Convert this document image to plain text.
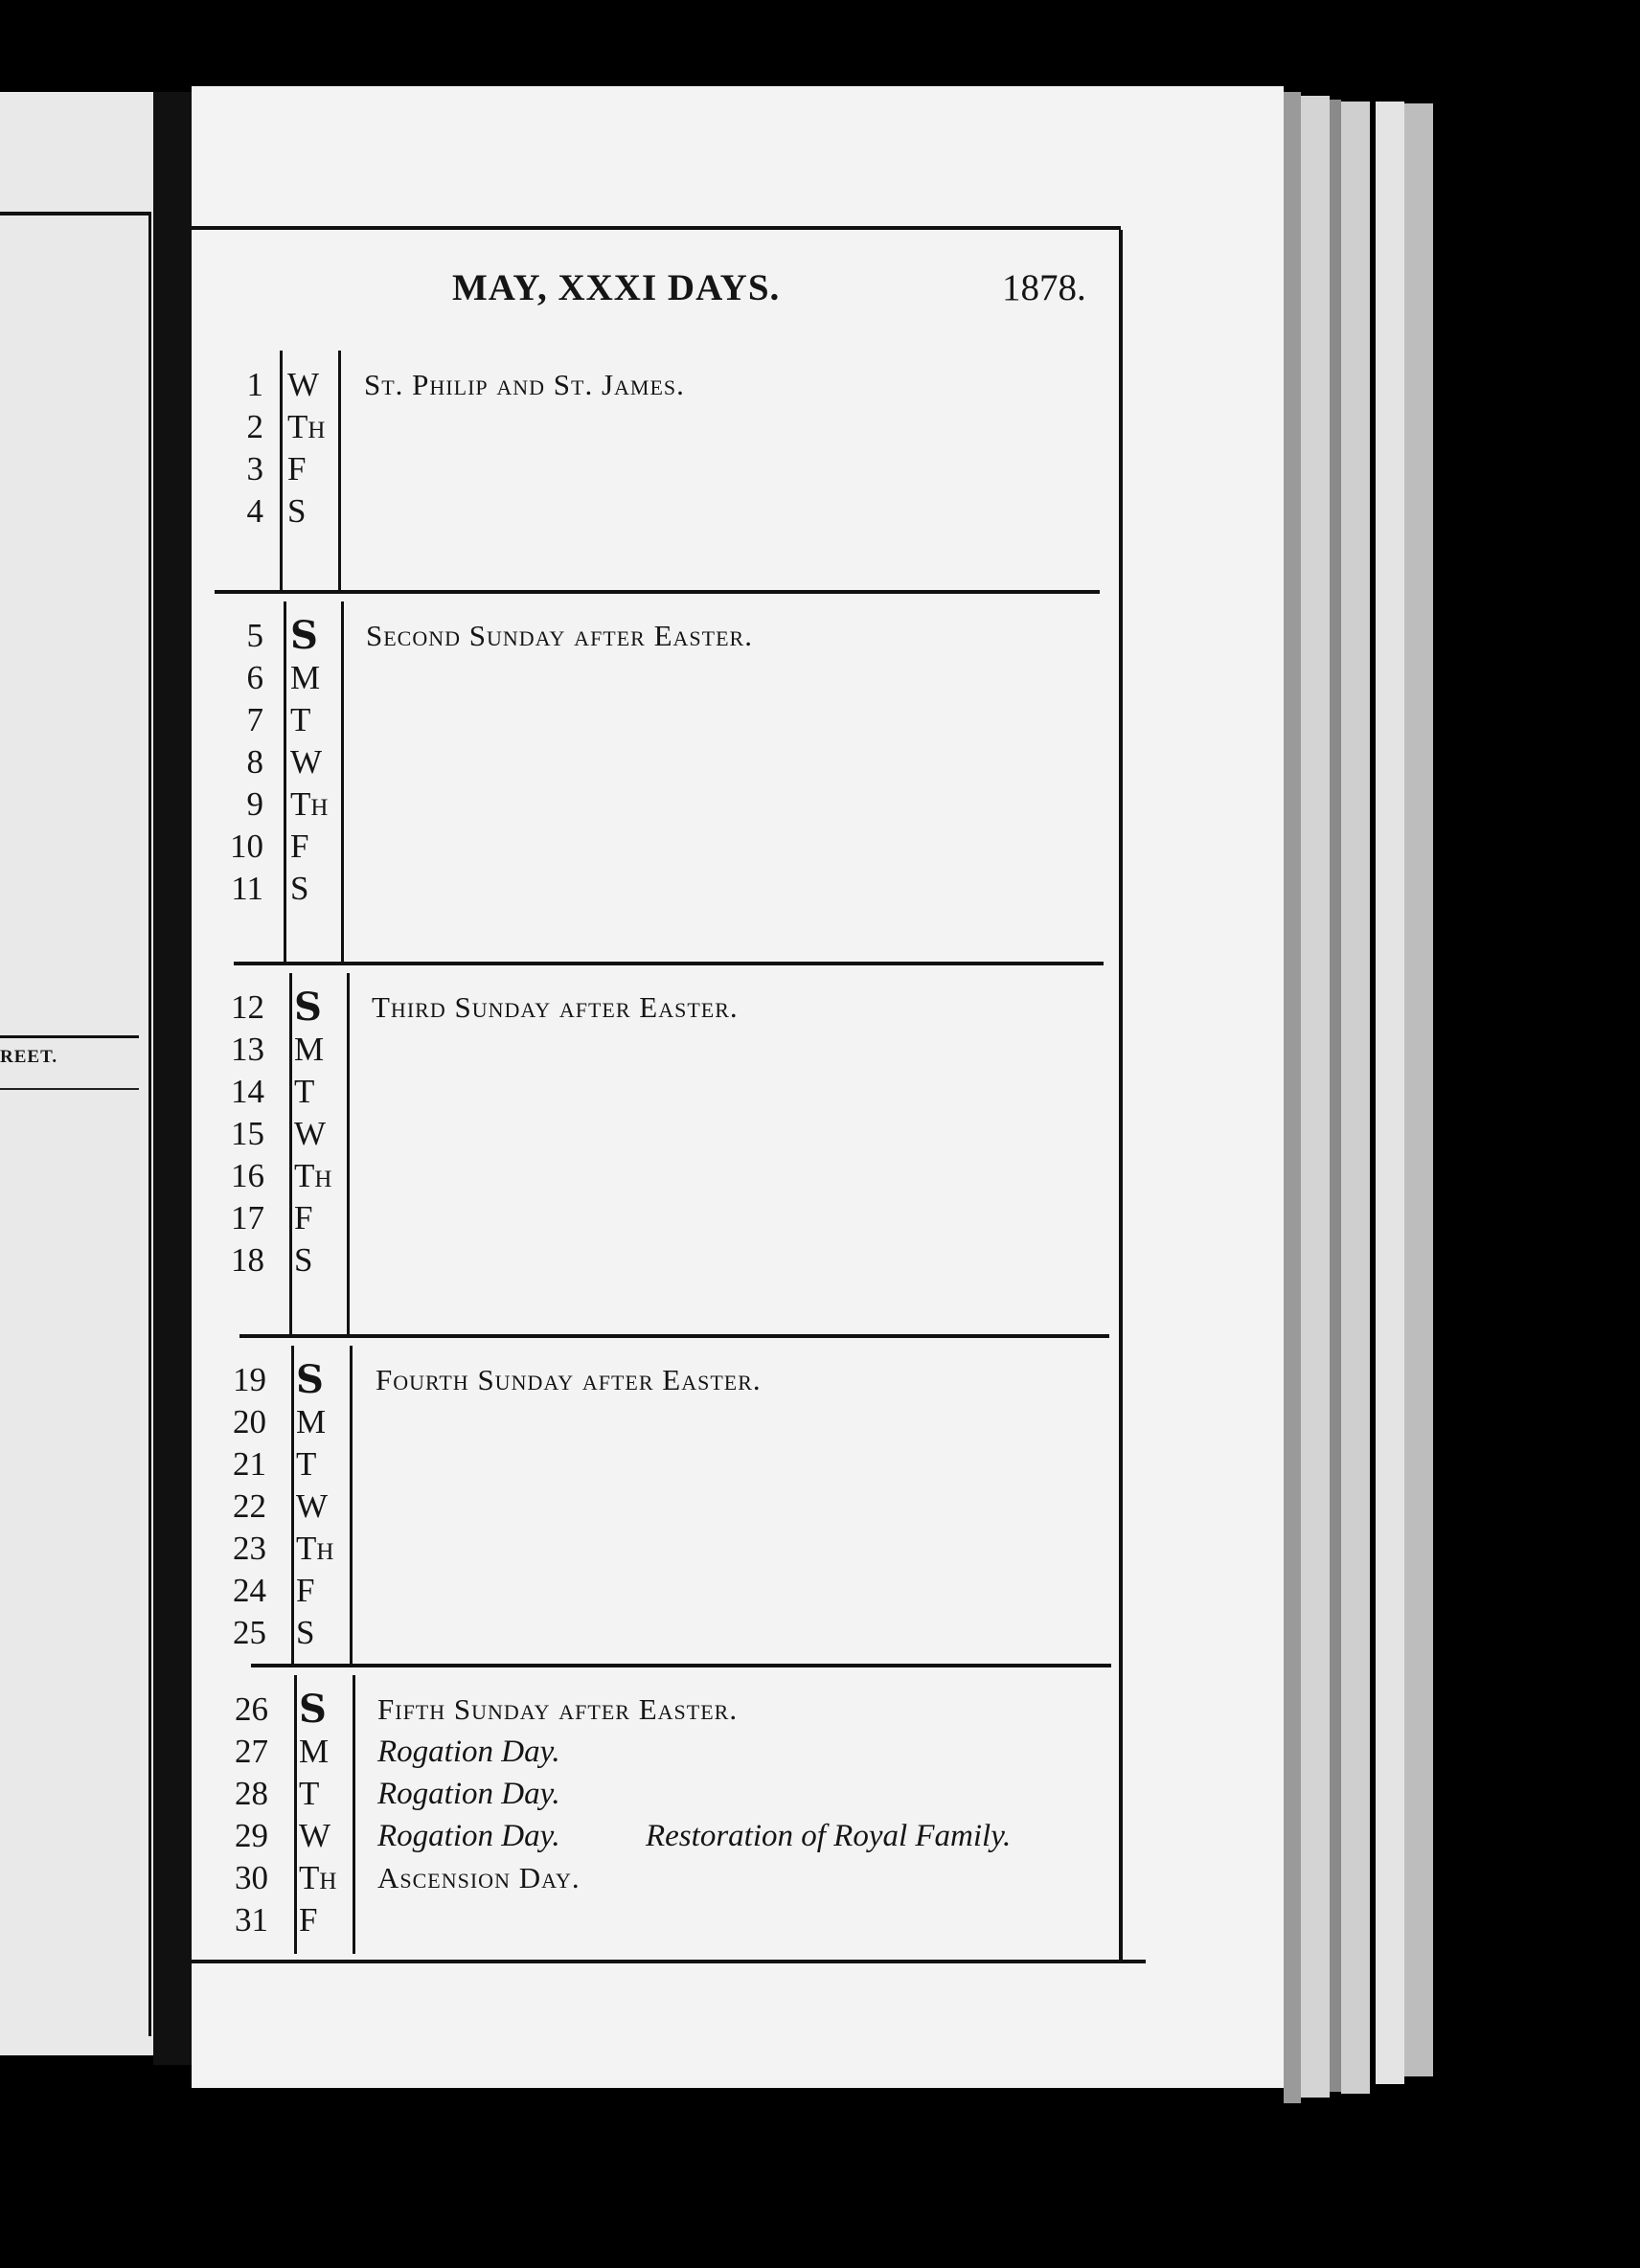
REET.
MAY, XXXI DAYS.	1878.
1 W St. Philip and St. James.
2 TH
3 F
4 S
5 S Second Sunday after Easter.
6 M
7 T
8 W
9 TH
10 F
11 S
12 S Third Sunday after Easter.
13 M
14 T
15 W
16 TH
17 F
18 S
19 S Fourth Sunday after Easter.
20 M
21 T
22 W
23 TH
24 F
25 S
26 S Fifth Sunday after Easter.
27 M Rogation Day.
28 T Rogation Day.
29 W Rogation Day.	Restoration of Royal Family.
30 TH Ascension Day.
31 F
